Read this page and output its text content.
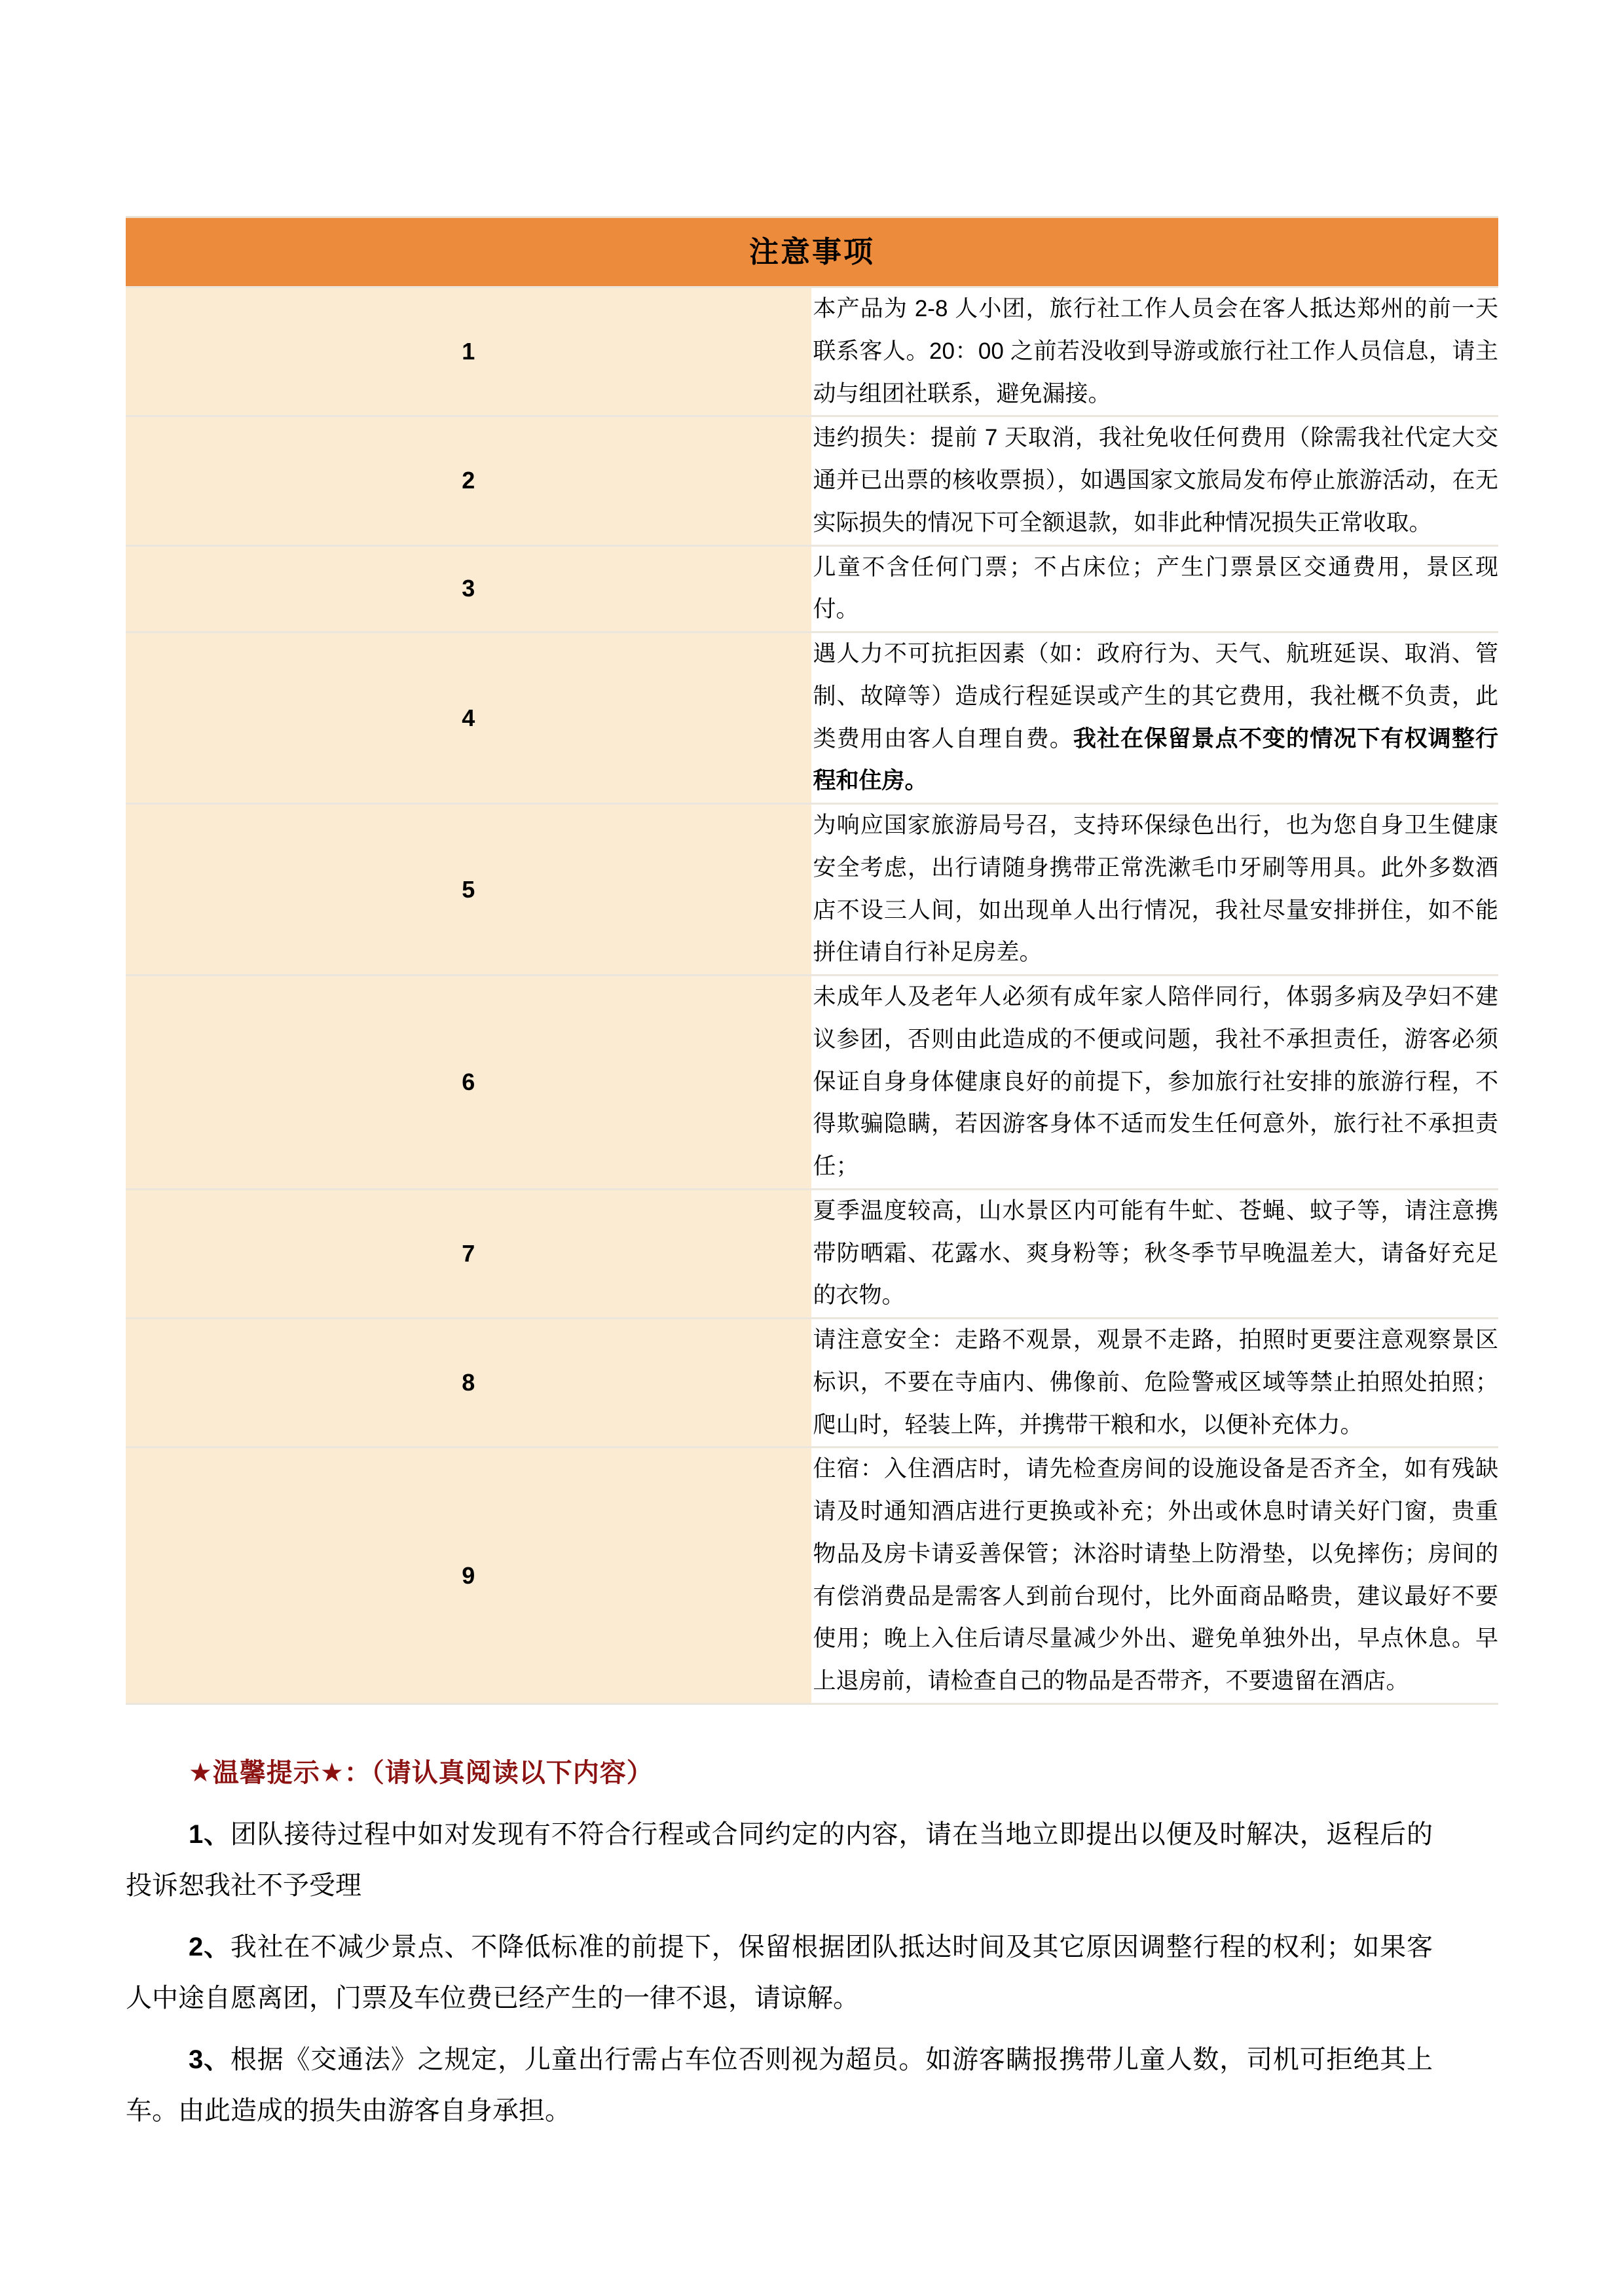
注意事项	
1	本产品为 2-8 人小团，旅行社工作人员会在客人抵达郑州的前一天联系客人。20：00 之前若没收到导游或旅行社工作人员信息，请主动与组团社联系，避免漏接。
2	违约损失：提前 7 天取消，我社免收任何费用（除需我社代定大交通并已出票的核收票损），如遇国家文旅局发布停止旅游活动，在无实际损失的情况下可全额退款，如非此种情况损失正常收取。
3	儿童不含任何门票；不占床位；产生门票景区交通费用，景区现付。
4	遇人力不可抗拒因素（如：政府行为、天气、航班延误、取消、管制、故障等）造成行程延误或产生的其它费用，我社概不负责，此类费用由客人自理自费。我社在保留景点不变的情况下有权调整行程和住房。
5	为响应国家旅游局号召，支持环保绿色出行，也为您自身卫生健康安全考虑，出行请随身携带正常洗漱毛巾牙刷等用具。此外多数酒店不设三人间，如出现单人出行情况，我社尽量安排拼住，如不能拼住请自行补足房差。
6	未成年人及老年人必须有成年家人陪伴同行，体弱多病及孕妇不建议参团，否则由此造成的不便或问题，我社不承担责任，游客必须保证自身身体健康良好的前提下，参加旅行社安排的旅游行程，不得欺骗隐瞒，若因游客身体不适而发生任何意外，旅行社不承担责任；
7	夏季温度较高，山水景区内可能有牛虻、苍蝇、蚊子等，请注意携带防晒霜、花露水、爽身粉等；秋冬季节早晚温差大，请备好充足的衣物。
8	请注意安全：走路不观景，观景不走路，拍照时更要注意观察景区标识，不要在寺庙内、佛像前、危险警戒区域等禁止拍照处拍照；爬山时，轻装上阵，并携带干粮和水，以便补充体力。
9	住宿：入住酒店时，请先检查房间的设施设备是否齐全，如有残缺请及时通知酒店进行更换或补充；外出或休息时请关好门窗，贵重物品及房卡请妥善保管；沐浴时请垫上防滑垫，以免摔伤；房间的有偿消费品是需客人到前台现付，比外面商品略贵，建议最好不要使用；晚上入住后请尽量减少外出、避免单独外出，早点休息。早上退房前，请检查自己的物品是否带齐，不要遗留在酒店。
★温馨提示★：（请认真阅读以下内容）

1、团队接待过程中如对发现有不符合行程或合同约定的内容，请在当地立即提出以便及时解决，返程后的投诉恕我社不予受理

2、我社在不减少景点、不降低标准的前提下，保留根据团队抵达时间及其它原因调整行程的权利；如果客人中途自愿离团，门票及车位费已经产生的一律不退，请谅解。

3、根据《交通法》之规定，儿童出行需占车位否则视为超员。如游客瞒报携带儿童人数，司机可拒绝其上车。由此造成的损失由游客自身承担。
